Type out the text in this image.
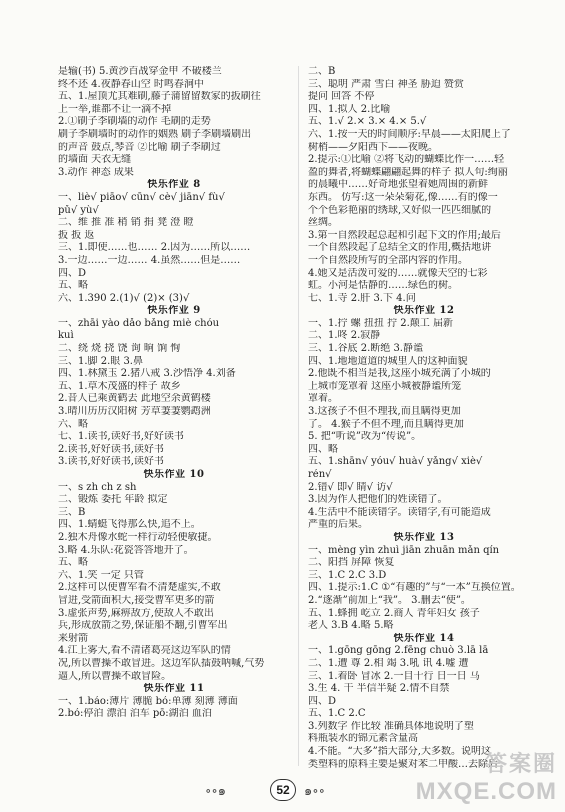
是输(书) 5.黄沙百战穿金甲 不破楼兰
终不还 4.夜静春山空 时鸣春涧中
五、1.屋顶尤其难刷,藤子蒲留留数家的扳刷往
上一举,谁都不让一滴不掉
2.①刷子李刷墙的动作 毛刷的走势
刷子李刷墙时的动作的姻熟 刷子李刷墙刷出
的声音 鼓点,琴音 ②比喻 刷子李刷过
的墙面 天衣无缝
3.动作 神态 成果
快乐作业 8
一、liè√ piāo√ cūn√ cè√ jiān√ fù√
pǔ√ yù√
二、维 推 准 稍 销 捐 凳 澄 瞪
扳 扳 返
三、1.即使……也…… 2.因为……所以……
3.一边……一边…… 4.虽然……但是……
四、D
五、略
六、1.390 2.(1)√ (2)× (3)√
快乐作业 9
一、zhāi yào dǎo bǎng miè chóu
kuì
二、绕 烧 挠 饶 询 晌 饷 恂
三、1.脚 2.眼 3.鼻
四、1.林黛玉 2.猪八戒 3.沙悟净 4.刘备
五、1.草木茂盛的样子 故乡
2.昔人已乘黄鹤去 此地空余黄鹤楼
3.晴川历历汉阳树 芳草萋萋鹦鹉洲
六、略
七、1.读书,读好书,好好读书
2.读书,好好读书,读好书
3.读书,好好读书,读好书
快乐作业 10
一、s zh ch z sh
二、锻炼 委托 年龄 拟定
三、B
四、1.蜻蜓飞得那么快,追不上。
2.独木舟像水蛇一样行动轻便敏捷。
3.略 4.乐队:花瓷答答地开了。
五、略
六、1.笑 一定 只管
2.这样可以使曹军看不清楚虚实,不敢
冒进,受箭面积大,接受曹军更多的箭
3.虚张声势,麻痹敌方,使敌人不敢出
兵,形成放箭之势,保证船不翻,引曹军出
来射箭
4.江上雾大,看不清诸葛亮这边军队的情
况,所以曹操不敢冒进。这边军队擂鼓呐喊,气势
逼人,所以曹操不敢冒险。
快乐作业 11
一、1.báo:薄片 薄脆 bó:单薄 刻薄 薄面
2.bó:停泊 漂泊 泊车 pō:湖泊 血泊
二、B
三、聪明 严肃 雪白 神圣 胁迫 赞赏
提问 回答 不停
四、1.拟人 2.比喻
五、1.√ 2.× 3.× 4.× 5.√
六、1.按一天的时间顺序:早晨——太阳爬上了
树梢——夕阳西下——夜晚。
2.提示:①比喻 ②将飞动的蝴蝶比作一……轻
盈的舞者,将蝴蝶翩翩起舞的样子 拟人句:绚丽
的晨曦中……好奇地张望着她周围的新鲜
东西。 仿写:这一朵朵菊花,像……有的像一
个个色彩艳丽的绣球,又好似一匹匹细腻的
丝绸。
3.第一自然段起总起和引起下文的作用;最后
一个自然段起了总结全文的作用,概括地讲
一个自然段所写的全部内容的作用。
4.她又是活泼可爱的……就像天空的七彩
虹。小河是恬静的……绿色的树。
七、1.寺 2.肝 3.下 4.问
快乐作业 12
一、1.拧 螺 扭扭 拧 2.颠工 届新
二、1.咚 2.寂静
三、1.谷底 2.断绝 3.静谧
四、1.地地道道的城里人的这种面貌
2.他既不相当是我,这座小城充满了小城的
上城市笼罩着 这座小城被静谧所笼
罩着。
3.这孩子不但不理我,而且瞒得更加
了。 4.猴子不但不理,而且瞒得更加
5. 把“听说”改为“传说”。
四、略
五、1.shān√ yóu√ huà√ yǎng√ xiè√
rén√
2.错√ 即√ 睛√ 访√
3.因为作人把他们的姓读错了。
4.生活中不能读错字。读错字,有可能造成
严重的后果。
快乐作业 13
一、mèng yìn zhuì jiān zhuān mǎn qín
二、阳挡 屏障 恢复
三、1.C 2.C 3.D
四、1.提示:1.C ①“有趣的”与“一本”互换位置。
2.“逐渐”前加上“我”。 3.删去“使”。
五、1.蜂拥 屹立 2.商人 青年妇女 孩子
老人 3.B 4.略 5.略
快乐作业 14
一、1.gōng gōng 2.fēng chuò 3.lā lā
二、1.遭 尊 2.相 竭 3.吼 讯 4.嘘 遭
三、1.着卧 冒冰 2.一目十行 日一日 马
3.生 4. 干 半信半疑 2.情不自禁
四、D
五、1.C 2.C
3.列数字 作比较 准确具体地说明了塑
料瓶装水的锦元素含量高
4.不能。“大多”指大部分,大多数。说明这
类塑料的原料主要是聚对苯二甲酸…去除后
∘∘๑	52	๑∘∘
答案圈
MXQE.COM
